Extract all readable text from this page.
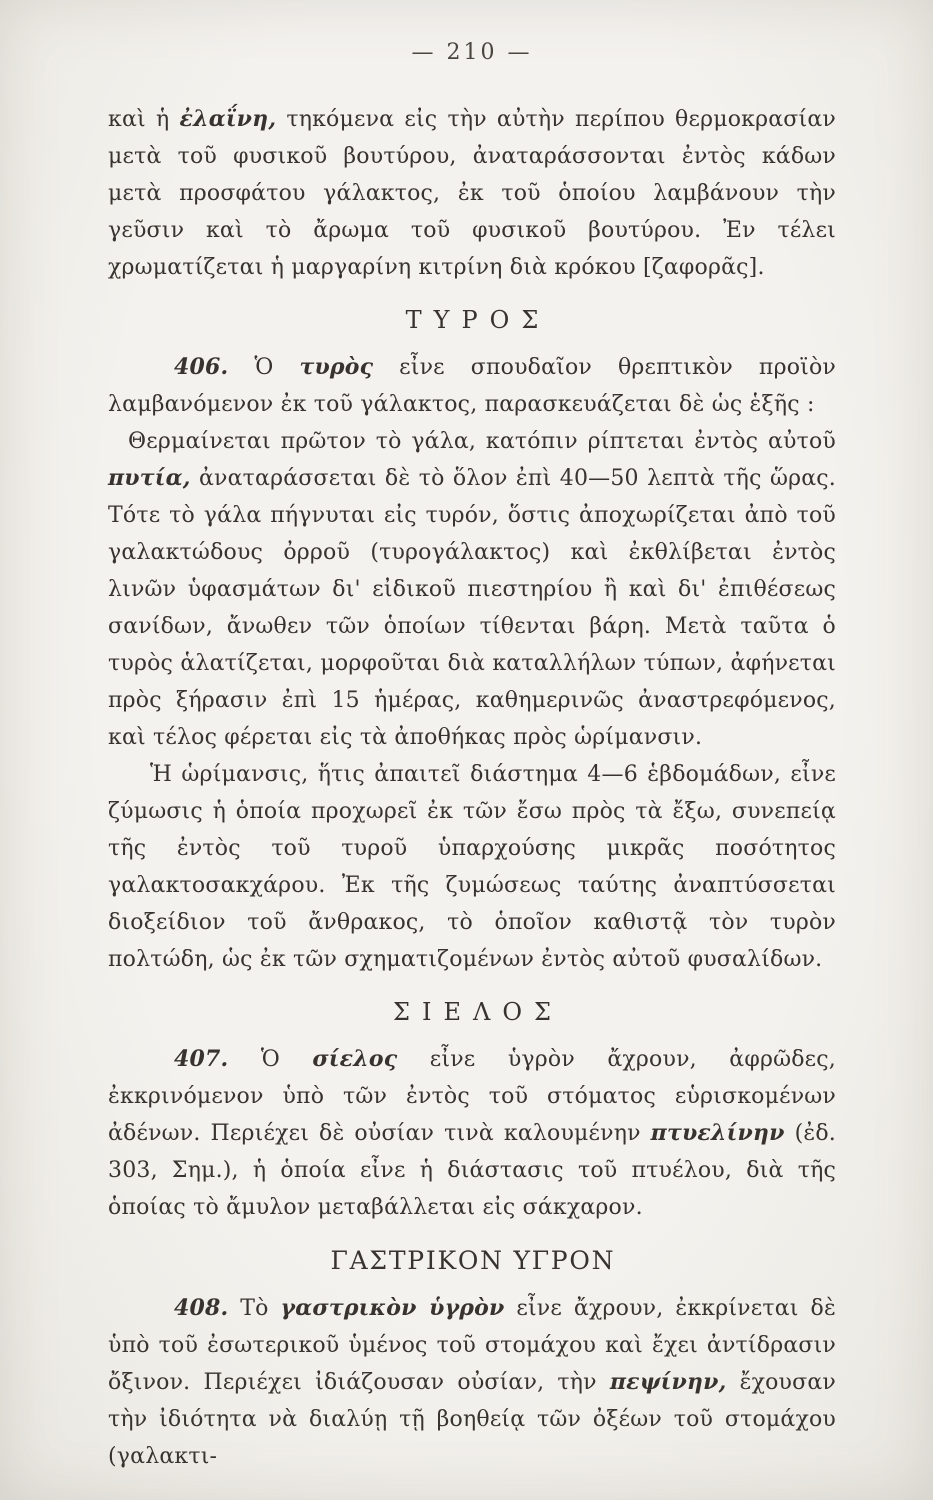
— 210 —

καὶ ἡ ἐλαΐνη, τηκόμενα εἰς τὴν αὐτὴν περίπου θερμοκρασίαν μετὰ τοῦ φυσικοῦ βουτύρου, ἀναταράσσονται ἐντὸς κάδων μετὰ προσφάτου γάλακτος, ἐκ τοῦ ὁποίου λαμβάνουν τὴν γεῦσιν καὶ τὸ ἄρωμα τοῦ φυσικοῦ βουτύρου. Ἐν τέλει χρωματίζεται ἡ μαργαρίνη κιτρίνη διὰ κρόκου [ζαφορᾶς].

ΤΥΡΟΣ

406. Ὁ τυρὸς εἶνε σπουδαῖον θρεπτικὸν προϊὸν λαμβανόμενον ἐκ τοῦ γάλακτος, παρασκευάζεται δὲ ὡς ἑξῆς :

Θερμαίνεται πρῶτον τὸ γάλα, κατόπιν ρίπτεται ἐντὸς αὐτοῦ πυτία, ἀναταράσσεται δὲ τὸ ὅλον ἐπὶ 40—50 λεπτὰ τῆς ὥρας. Τότε τὸ γάλα πήγνυται εἰς τυρόν, ὅστις ἀποχωρίζεται ἀπὸ τοῦ γαλακτώδους ὀρροῦ (τυρογάλακτος) καὶ ἐκθλίβεται ἐντὸς λινῶν ὑφασμάτων δι' εἰδικοῦ πιεστηρίου ἢ καὶ δι' ἐπιθέσεως σανίδων, ἄνωθεν τῶν ὁποίων τίθενται βάρη. Μετὰ ταῦτα ὁ τυρὸς ἁλατίζεται, μορφοῦται διὰ καταλλήλων τύπων, ἀφήνεται πρὸς ξήρασιν ἐπὶ 15 ἡμέρας, καθημερινῶς ἀναστρεφόμενος, καὶ τέλος φέρεται εἰς τὰ ἀποθήκας πρὸς ὡρίμανσιν.

Ἡ ὡρίμανσις, ἥτις ἀπαιτεῖ διάστημα 4—6 ἑβδομάδων, εἶνε ζύμωσις ἡ ὁποία προχωρεῖ ἐκ τῶν ἔσω πρὸς τὰ ἔξω, συνεπείᾳ τῆς ἐντὸς τοῦ τυροῦ ὑπαρχούσης μικρᾶς ποσότητος γαλακτοσακχάρου. Ἐκ τῆς ζυμώσεως ταύτης ἀναπτύσσεται διοξείδιον τοῦ ἄνθρακος, τὸ ὁποῖον καθιστᾷ τὸν τυρὸν πολτώδη, ὡς ἐκ τῶν σχηματιζομένων ἐντὸς αὐτοῦ φυσαλίδων.

ΣΙΕΛΟΣ

407. Ὁ σίελος εἶνε ὑγρὸν ἄχρουν, ἀφρῶδες, ἐκκρινόμενον ὑπὸ τῶν ἐντὸς τοῦ στόματος εὑρισκομένων ἀδένων. Περιέχει δὲ οὐσίαν τινὰ καλουμένην πτυελίνην (ἐδ. 303, Σημ.), ἡ ὁποία εἶνε ἡ διάστασις τοῦ πτυέλου, διὰ τῆς ὁποίας τὸ ἄμυλον μεταβάλλεται εἰς σάκχαρον.

ΓΑΣΤΡΙΚΟΝ ΥΓΡΟΝ

408. Τὸ γαστρικὸν ὑγρὸν εἶνε ἄχρουν, ἐκκρίνεται δὲ ὑπὸ τοῦ ἐσωτερικοῦ ὑμένος τοῦ στομάχου καὶ ἔχει ἀντίδρασιν ὄξινον. Περιέχει ἰδιάζουσαν οὐσίαν, τὴν πεψίνην, ἔχουσαν τὴν ἰδιότητα νὰ διαλύῃ τῇ βοηθείᾳ τῶν ὀξέων τοῦ στομάχου (γαλακτι-
